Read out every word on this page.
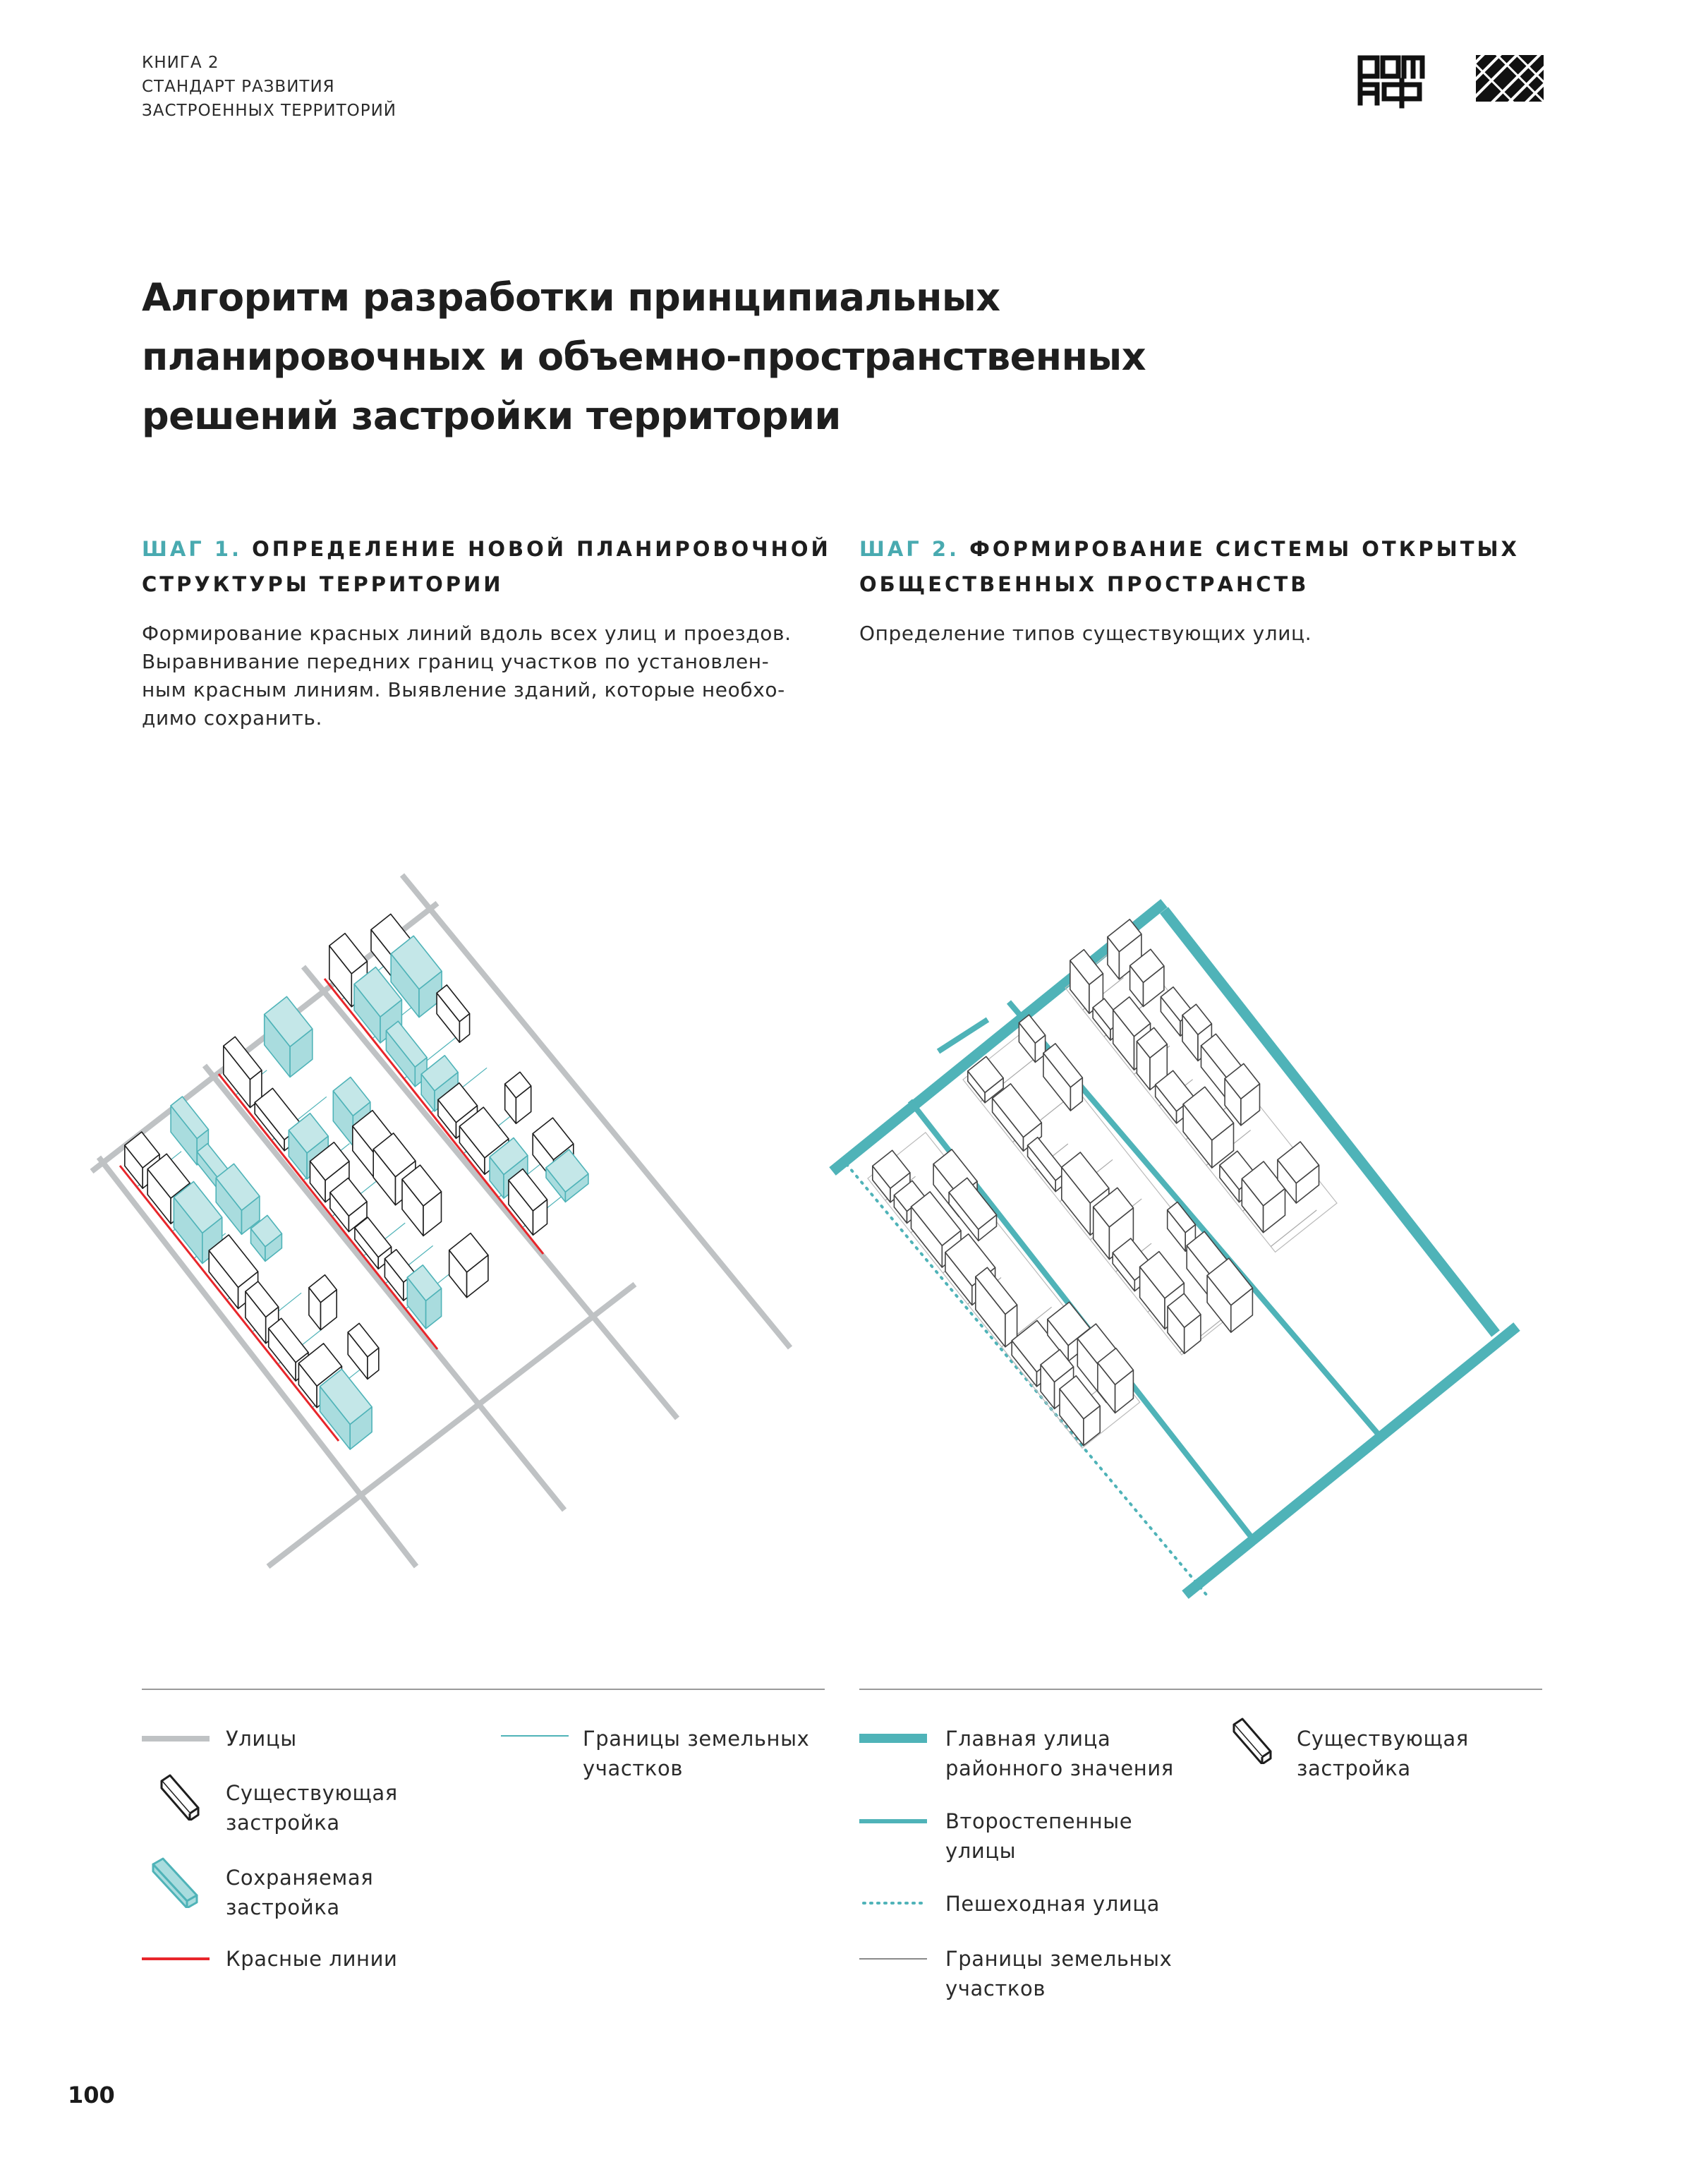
КНИГА 2
СТАНДАРТ РАЗВИТИЯ
ЗАСТРОЕННЫХ ТЕРРИТОРИЙ
Алгоритм разработки принципиальных
планировочных и объемно-пространственных
решений застройки территории
ШАГ 1. ОПРЕДЕЛЕНИЕ НОВОЙ ПЛАНИРОВОЧНОЙ
СТРУКТУРЫ ТЕРРИТОРИИ
Формирование красных линий вдоль всех улиц и проездов.
Выравнивание передних границ участков по установлен-
ным красным линиям. Выявление зданий, которые необхо-
димо сохранить.
ШАГ 2. ФОРМИРОВАНИЕ СИСТЕМЫ ОТКРЫТЫХ
ОБЩЕСТВЕННЫХ ПРОСТРАНСТВ
Определение типов существующих улиц.
Улицы
Существующая
застройка
Сохраняемая
застройка
Красные линии
Границы земельных
участков
Главная улица
районного значения
Второстепенные
улицы
Пешеходная улица
Границы земельных
участков
Существующая
застройка
100
